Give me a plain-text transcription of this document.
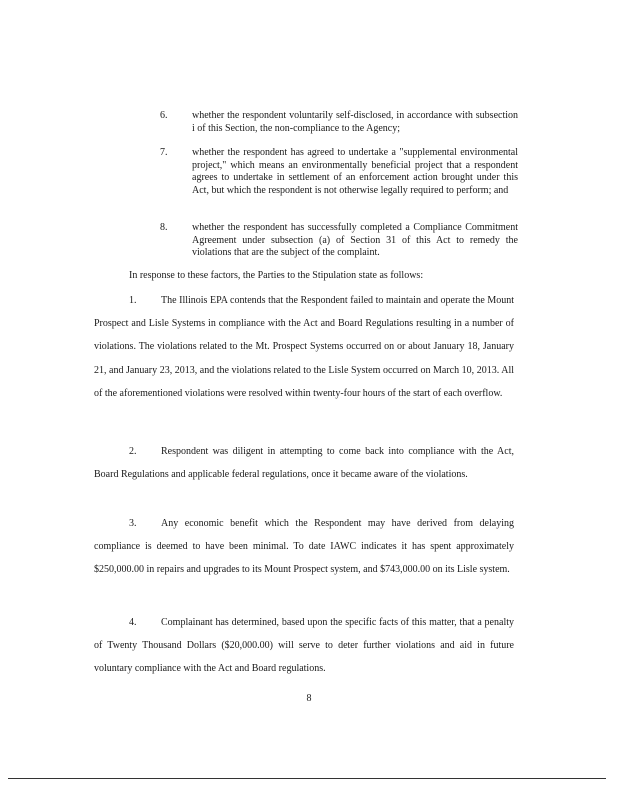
6. whether the respondent voluntarily self-disclosed, in accordance with subsection i of this Section, the non-compliance to the Agency;
7. whether the respondent has agreed to undertake a "supplemental environmental project," which means an environmentally beneficial project that a respondent agrees to undertake in settlement of an enforcement action brought under this Act, but which the respondent is not otherwise legally required to perform; and
8. whether the respondent has successfully completed a Compliance Commitment Agreement under subsection (a) of Section 31 of this Act to remedy the violations that are the subject of the complaint.
In response to these factors, the Parties to the Stipulation state as follows:
1. The Illinois EPA contends that the Respondent failed to maintain and operate the Mount Prospect and Lisle Systems in compliance with the Act and Board Regulations resulting in a number of violations. The violations related to the Mt. Prospect Systems occurred on or about January 18, January 21, and January 23, 2013, and the violations related to the Lisle System occurred on March 10, 2013. All of the aforementioned violations were resolved within twenty-four hours of the start of each overflow.
2. Respondent was diligent in attempting to come back into compliance with the Act, Board Regulations and applicable federal regulations, once it became aware of the violations.
3. Any economic benefit which the Respondent may have derived from delaying compliance is deemed to have been minimal. To date IAWC indicates it has spent approximately $250,000.00 in repairs and upgrades to its Mount Prospect system, and $743,000.00 on its Lisle system.
4. Complainant has determined, based upon the specific facts of this matter, that a penalty of Twenty Thousand Dollars ($20,000.00) will serve to deter further violations and aid in future voluntary compliance with the Act and Board regulations.
8
